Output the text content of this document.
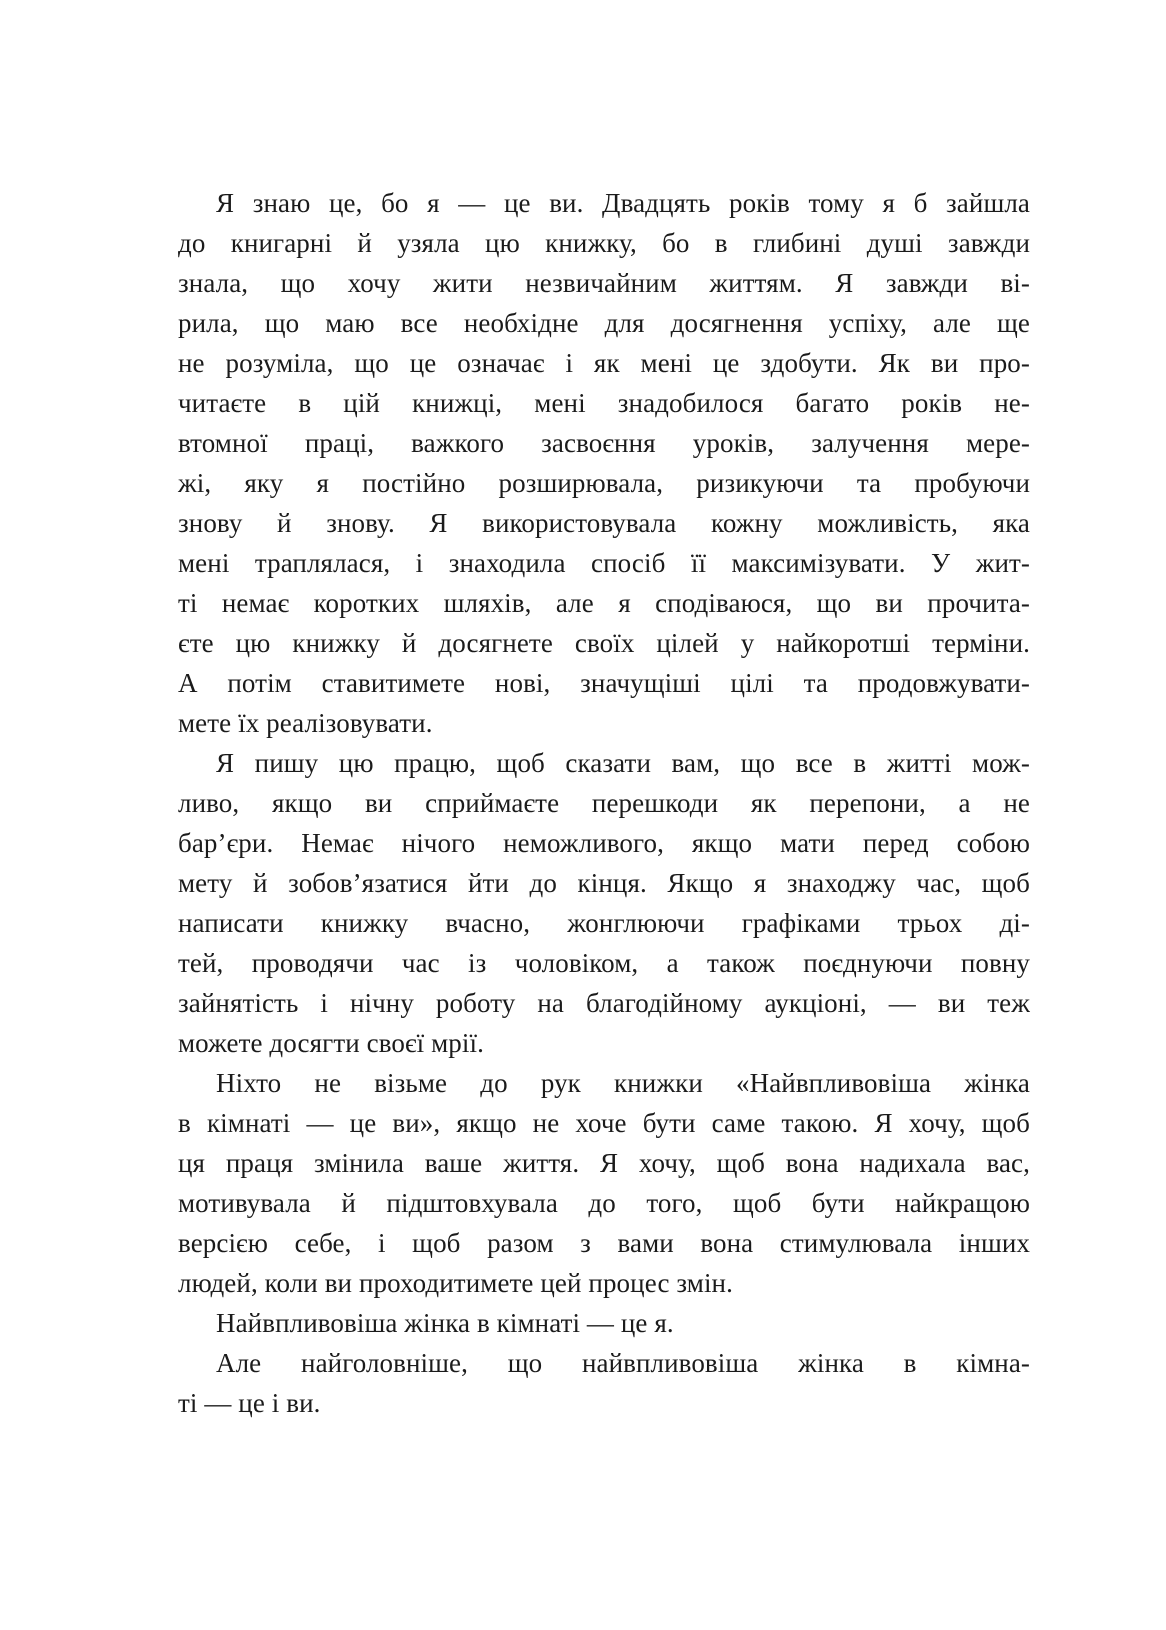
Я знаю це, бо я — це ви. Двадцять років тому я б зайшла
до книгарні й узяла цю книжку, бо в глибині душі завжди
знала, що хочу жити незвичайним життям. Я завжди ві-
рила, що маю все необхідне для досягнення успіху, але ще
не розуміла, що це означає і як мені це здобути. Як ви про-
читаєте в цій книжці, мені знадобилося багато років не-
втомної праці, важкого засвоєння уроків, залучення мере-
жі, яку я постійно розширювала, ризикуючи та пробуючи
знову й знову. Я використовувала кожну можливість, яка
мені траплялася, і знаходила спосіб її максимізувати. У жит-
ті немає коротких шляхів, але я сподіваюся, що ви прочита-
єте цю книжку й досягнете своїх цілей у найкоротші терміни.
А потім ставитимете нові, значущіші цілі та продовжувати-
мете їх реалізовувати.
Я пишу цю працю, щоб сказати вам, що все в житті мож-
ливо, якщо ви сприймаєте перешкоди як перепони, а не
бар’єри. Немає нічого неможливого, якщо мати перед собою
мету й зобов’язатися йти до кінця. Якщо я знаходжу час, щоб
написати книжку вчасно, жонглюючи графіками трьох ді-
тей, проводячи час із чоловіком, а також поєднуючи повну
зайнятість і нічну роботу на благодійному аукціоні, — ви теж
можете досягти своєї мрії.
Ніхто не візьме до рук книжки «Найвпливовіша жінка
в кімнаті — це ви», якщо не хоче бути саме такою. Я хочу, щоб
ця праця змінила ваше життя. Я хочу, щоб вона надихала вас,
мотивувала й підштовхувала до того, щоб бути найкращою
версією себе, і щоб разом з вами вона стимулювала інших
людей, коли ви проходитимете цей процес змін.
Найвпливовіша жінка в кімнаті — це я.
Але найголовніше, що найвпливовіша жінка в кімна-
ті — це і ви.
